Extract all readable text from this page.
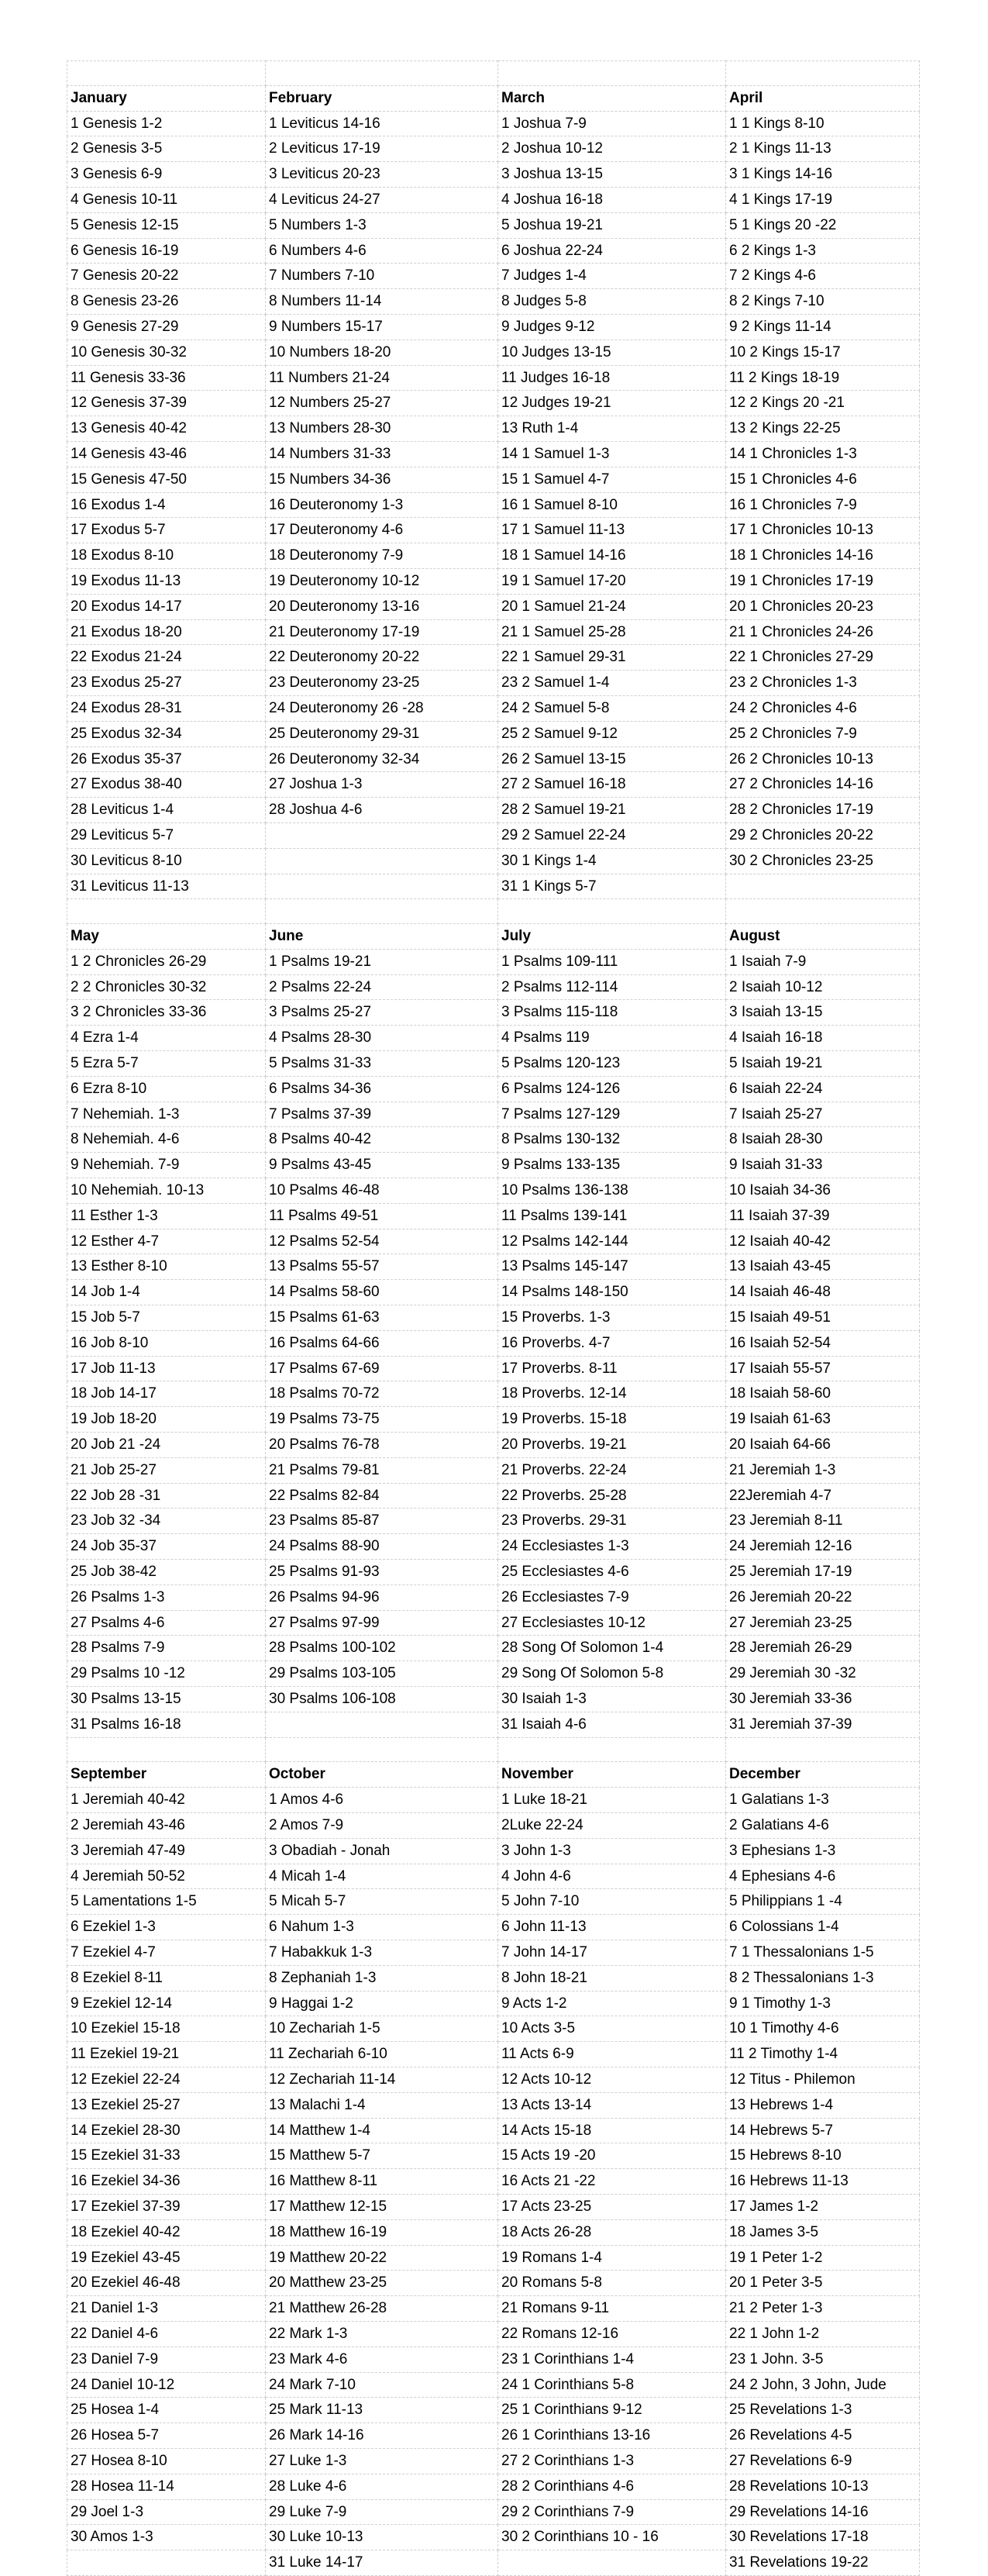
January	February	March	April
1 Genesis 1-2	1 Leviticus 14-16	1 Joshua 7-9	1 1 Kings 8-10
2 Genesis 3-5	2 Leviticus 17-19	2 Joshua 10-12	2 1 Kings 11-13
3 Genesis 6-9	3 Leviticus 20-23	3 Joshua 13-15	3 1 Kings 14-16
4 Genesis 10-11	4 Leviticus 24-27	4 Joshua 16-18	4 1 Kings 17-19
5 Genesis 12-15	5 Numbers 1-3	5 Joshua 19-21	5 1 Kings 20 -22
6 Genesis 16-19	6 Numbers 4-6	6 Joshua 22-24	6 2 Kings 1-3
7 Genesis 20-22	7 Numbers 7-10	7 Judges 1-4	7 2 Kings 4-6
8 Genesis 23-26	8 Numbers 11-14	8 Judges 5-8	8 2 Kings 7-10
9 Genesis 27-29	9 Numbers 15-17	9 Judges 9-12	9 2 Kings 11-14
10 Genesis 30-32	10 Numbers 18-20	10 Judges 13-15	10 2 Kings 15-17
11 Genesis 33-36	11 Numbers 21-24	11 Judges 16-18	11 2 Kings 18-19
12 Genesis 37-39	12 Numbers 25-27	12 Judges 19-21	12 2 Kings 20 -21
13 Genesis 40-42	13 Numbers 28-30	13 Ruth 1-4	13 2 Kings 22-25
14 Genesis 43-46	14 Numbers 31-33	14 1 Samuel 1-3	14 1 Chronicles 1-3
15 Genesis 47-50	15 Numbers 34-36	15 1 Samuel 4-7	15 1 Chronicles 4-6
16 Exodus 1-4	16 Deuteronomy 1-3	16 1 Samuel 8-10	16 1 Chronicles 7-9
17 Exodus 5-7	17 Deuteronomy 4-6	17 1 Samuel 11-13	17 1 Chronicles 10-13
18 Exodus 8-10	18 Deuteronomy 7-9	18 1 Samuel 14-16	18 1 Chronicles 14-16
19 Exodus 11-13	19 Deuteronomy 10-12	19 1 Samuel 17-20	19 1 Chronicles 17-19
20 Exodus 14-17	20 Deuteronomy 13-16	20 1 Samuel 21-24	20 1 Chronicles 20-23
21 Exodus 18-20	21 Deuteronomy 17-19	21 1 Samuel 25-28	21 1 Chronicles 24-26
22 Exodus 21-24	22 Deuteronomy 20-22	22 1 Samuel 29-31	22 1 Chronicles 27-29
23 Exodus 25-27	23 Deuteronomy 23-25	23 2 Samuel 1-4	23 2 Chronicles 1-3
24 Exodus 28-31	24 Deuteronomy 26 -28	24 2 Samuel 5-8	24 2 Chronicles 4-6
25 Exodus 32-34	25 Deuteronomy 29-31	25 2 Samuel 9-12	25 2 Chronicles 7-9
26 Exodus 35-37	26 Deuteronomy 32-34	26 2 Samuel 13-15	26 2 Chronicles 10-13
27 Exodus 38-40	27 Joshua 1-3	27 2 Samuel 16-18	27 2 Chronicles 14-16
28 Leviticus 1-4	28 Joshua 4-6	28 2 Samuel 19-21	28 2 Chronicles 17-19
29 Leviticus 5-7		29 2 Samuel 22-24	29 2 Chronicles 20-22
30 Leviticus 8-10		30 1 Kings 1-4	30 2 Chronicles 23-25
31 Leviticus 11-13		31 1 Kings 5-7	

May	June	July	August
1 2 Chronicles 26-29	1 Psalms 19-21	1 Psalms 109-111	1 Isaiah 7-9
2 2 Chronicles 30-32	2 Psalms 22-24	2 Psalms 112-114	2 Isaiah 10-12
3 2 Chronicles 33-36	3 Psalms 25-27	3 Psalms 115-118	3 Isaiah 13-15
4 Ezra 1-4	4 Psalms 28-30	4 Psalms 119	4 Isaiah 16-18
5 Ezra 5-7	5 Psalms 31-33	5 Psalms 120-123	5 Isaiah 19-21
6 Ezra 8-10	6 Psalms 34-36	6 Psalms 124-126	6 Isaiah 22-24
7 Nehemiah. 1-3	7 Psalms 37-39	7 Psalms 127-129	7 Isaiah 25-27
8 Nehemiah. 4-6	8 Psalms 40-42	8 Psalms 130-132	8 Isaiah 28-30
9 Nehemiah. 7-9	9 Psalms 43-45	9 Psalms 133-135	9 Isaiah 31-33
10 Nehemiah. 10-13	10 Psalms 46-48	10 Psalms 136-138	10 Isaiah 34-36
11 Esther 1-3	11 Psalms 49-51	11 Psalms 139-141	11 Isaiah 37-39
12 Esther 4-7	12 Psalms 52-54	12 Psalms 142-144	12 Isaiah 40-42
13 Esther 8-10	13 Psalms 55-57	13 Psalms 145-147	13 Isaiah 43-45
14 Job 1-4	14 Psalms 58-60	14 Psalms 148-150	14 Isaiah 46-48
15 Job 5-7	15 Psalms 61-63	15 Proverbs. 1-3	15 Isaiah 49-51
16 Job 8-10	16 Psalms 64-66	16 Proverbs. 4-7	16 Isaiah 52-54
17 Job 11-13	17 Psalms 67-69	17 Proverbs. 8-11	17 Isaiah 55-57
18 Job 14-17	18 Psalms 70-72	18 Proverbs. 12-14	18 Isaiah 58-60
19 Job 18-20	19 Psalms 73-75	19 Proverbs. 15-18	19 Isaiah 61-63
20 Job 21 -24	20 Psalms 76-78	20 Proverbs. 19-21	20 Isaiah 64-66
21 Job 25-27	21 Psalms 79-81	21 Proverbs. 22-24	21 Jeremiah 1-3
22 Job 28 -31	22 Psalms 82-84	22 Proverbs. 25-28	22Jeremiah 4-7
23 Job 32 -34	23 Psalms 85-87	23 Proverbs. 29-31	23 Jeremiah 8-11
24 Job 35-37	24 Psalms 88-90	24 Ecclesiastes 1-3	24 Jeremiah 12-16
25 Job 38-42	25 Psalms 91-93	25 Ecclesiastes 4-6	25 Jeremiah 17-19
26 Psalms 1-3	26 Psalms 94-96	26 Ecclesiastes 7-9	26 Jeremiah 20-22
27 Psalms 4-6	27 Psalms 97-99	27 Ecclesiastes 10-12	27 Jeremiah 23-25
28 Psalms 7-9	28 Psalms 100-102	28 Song Of Solomon 1-4	28 Jeremiah 26-29
29 Psalms 10 -12	29 Psalms 103-105	29 Song Of Solomon 5-8	29 Jeremiah 30 -32
30 Psalms 13-15	30 Psalms 106-108	30 Isaiah 1-3	30 Jeremiah 33-36
31 Psalms 16-18		31 Isaiah 4-6	31 Jeremiah 37-39

September	October	November	December
1 Jeremiah 40-42	1 Amos 4-6	1 Luke 18-21	1 Galatians 1-3
2 Jeremiah 43-46	2 Amos 7-9	2Luke 22-24	2 Galatians 4-6
3 Jeremiah 47-49	3 Obadiah - Jonah	3 John 1-3	3 Ephesians 1-3
4 Jeremiah 50-52	4 Micah 1-4	4 John 4-6	4 Ephesians 4-6
5 Lamentations 1-5	5 Micah 5-7	5 John 7-10	5 Philippians 1 -4
6 Ezekiel 1-3	6 Nahum 1-3	6 John 11-13	6 Colossians 1-4
7 Ezekiel 4-7	7 Habakkuk 1-3	7 John 14-17	7 1 Thessalonians 1-5
8 Ezekiel 8-11	8 Zephaniah 1-3	8 John 18-21	8 2 Thessalonians 1-3
9 Ezekiel 12-14	9 Haggai 1-2	9 Acts 1-2	9 1 Timothy 1-3
10 Ezekiel 15-18	10 Zechariah 1-5	10 Acts 3-5	10 1 Timothy 4-6
11 Ezekiel 19-21	11 Zechariah 6-10	11 Acts 6-9	11 2 Timothy 1-4
12 Ezekiel 22-24	12 Zechariah 11-14	12 Acts 10-12	12 Titus - Philemon
13 Ezekiel 25-27	13 Malachi 1-4	13 Acts 13-14	13 Hebrews 1-4
14 Ezekiel 28-30	14 Matthew 1-4	14 Acts 15-18	14 Hebrews 5-7
15 Ezekiel 31-33	15 Matthew 5-7	15 Acts 19 -20	15 Hebrews 8-10
16 Ezekiel 34-36	16 Matthew 8-11	16 Acts 21 -22	16 Hebrews 11-13
17 Ezekiel 37-39	17 Matthew 12-15	17 Acts 23-25	17 James 1-2
18 Ezekiel 40-42	18 Matthew 16-19	18 Acts 26-28	18 James 3-5
19 Ezekiel 43-45	19 Matthew 20-22	19 Romans 1-4	19 1 Peter 1-2
20 Ezekiel 46-48	20 Matthew 23-25	20 Romans 5-8	20 1 Peter 3-5
21 Daniel 1-3	21 Matthew 26-28	21 Romans 9-11	21 2 Peter 1-3
22 Daniel 4-6	22 Mark 1-3	22 Romans 12-16	22 1 John 1-2
23 Daniel 7-9	23 Mark 4-6	23 1 Corinthians 1-4	23 1 John. 3-5
24 Daniel 10-12	24 Mark 7-10	24 1 Corinthians 5-8	24 2 John, 3 John, Jude
25 Hosea 1-4	25 Mark 11-13	25 1 Corinthians 9-12	25 Revelations 1-3
26 Hosea 5-7	26 Mark 14-16	26 1 Corinthians 13-16	26 Revelations 4-5
27 Hosea 8-10	27 Luke 1-3	27 2 Corinthians 1-3	27 Revelations 6-9
28 Hosea 11-14	28 Luke 4-6	28 2 Corinthians 4-6	28 Revelations 10-13
29 Joel 1-3	29 Luke 7-9	29 2 Corinthians 7-9	29 Revelations 14-16
30 Amos 1-3	30 Luke 10-13	30 2 Corinthians 10 - 16	30 Revelations 17-18
	31 Luke 14-17		31 Revelations 19-22
